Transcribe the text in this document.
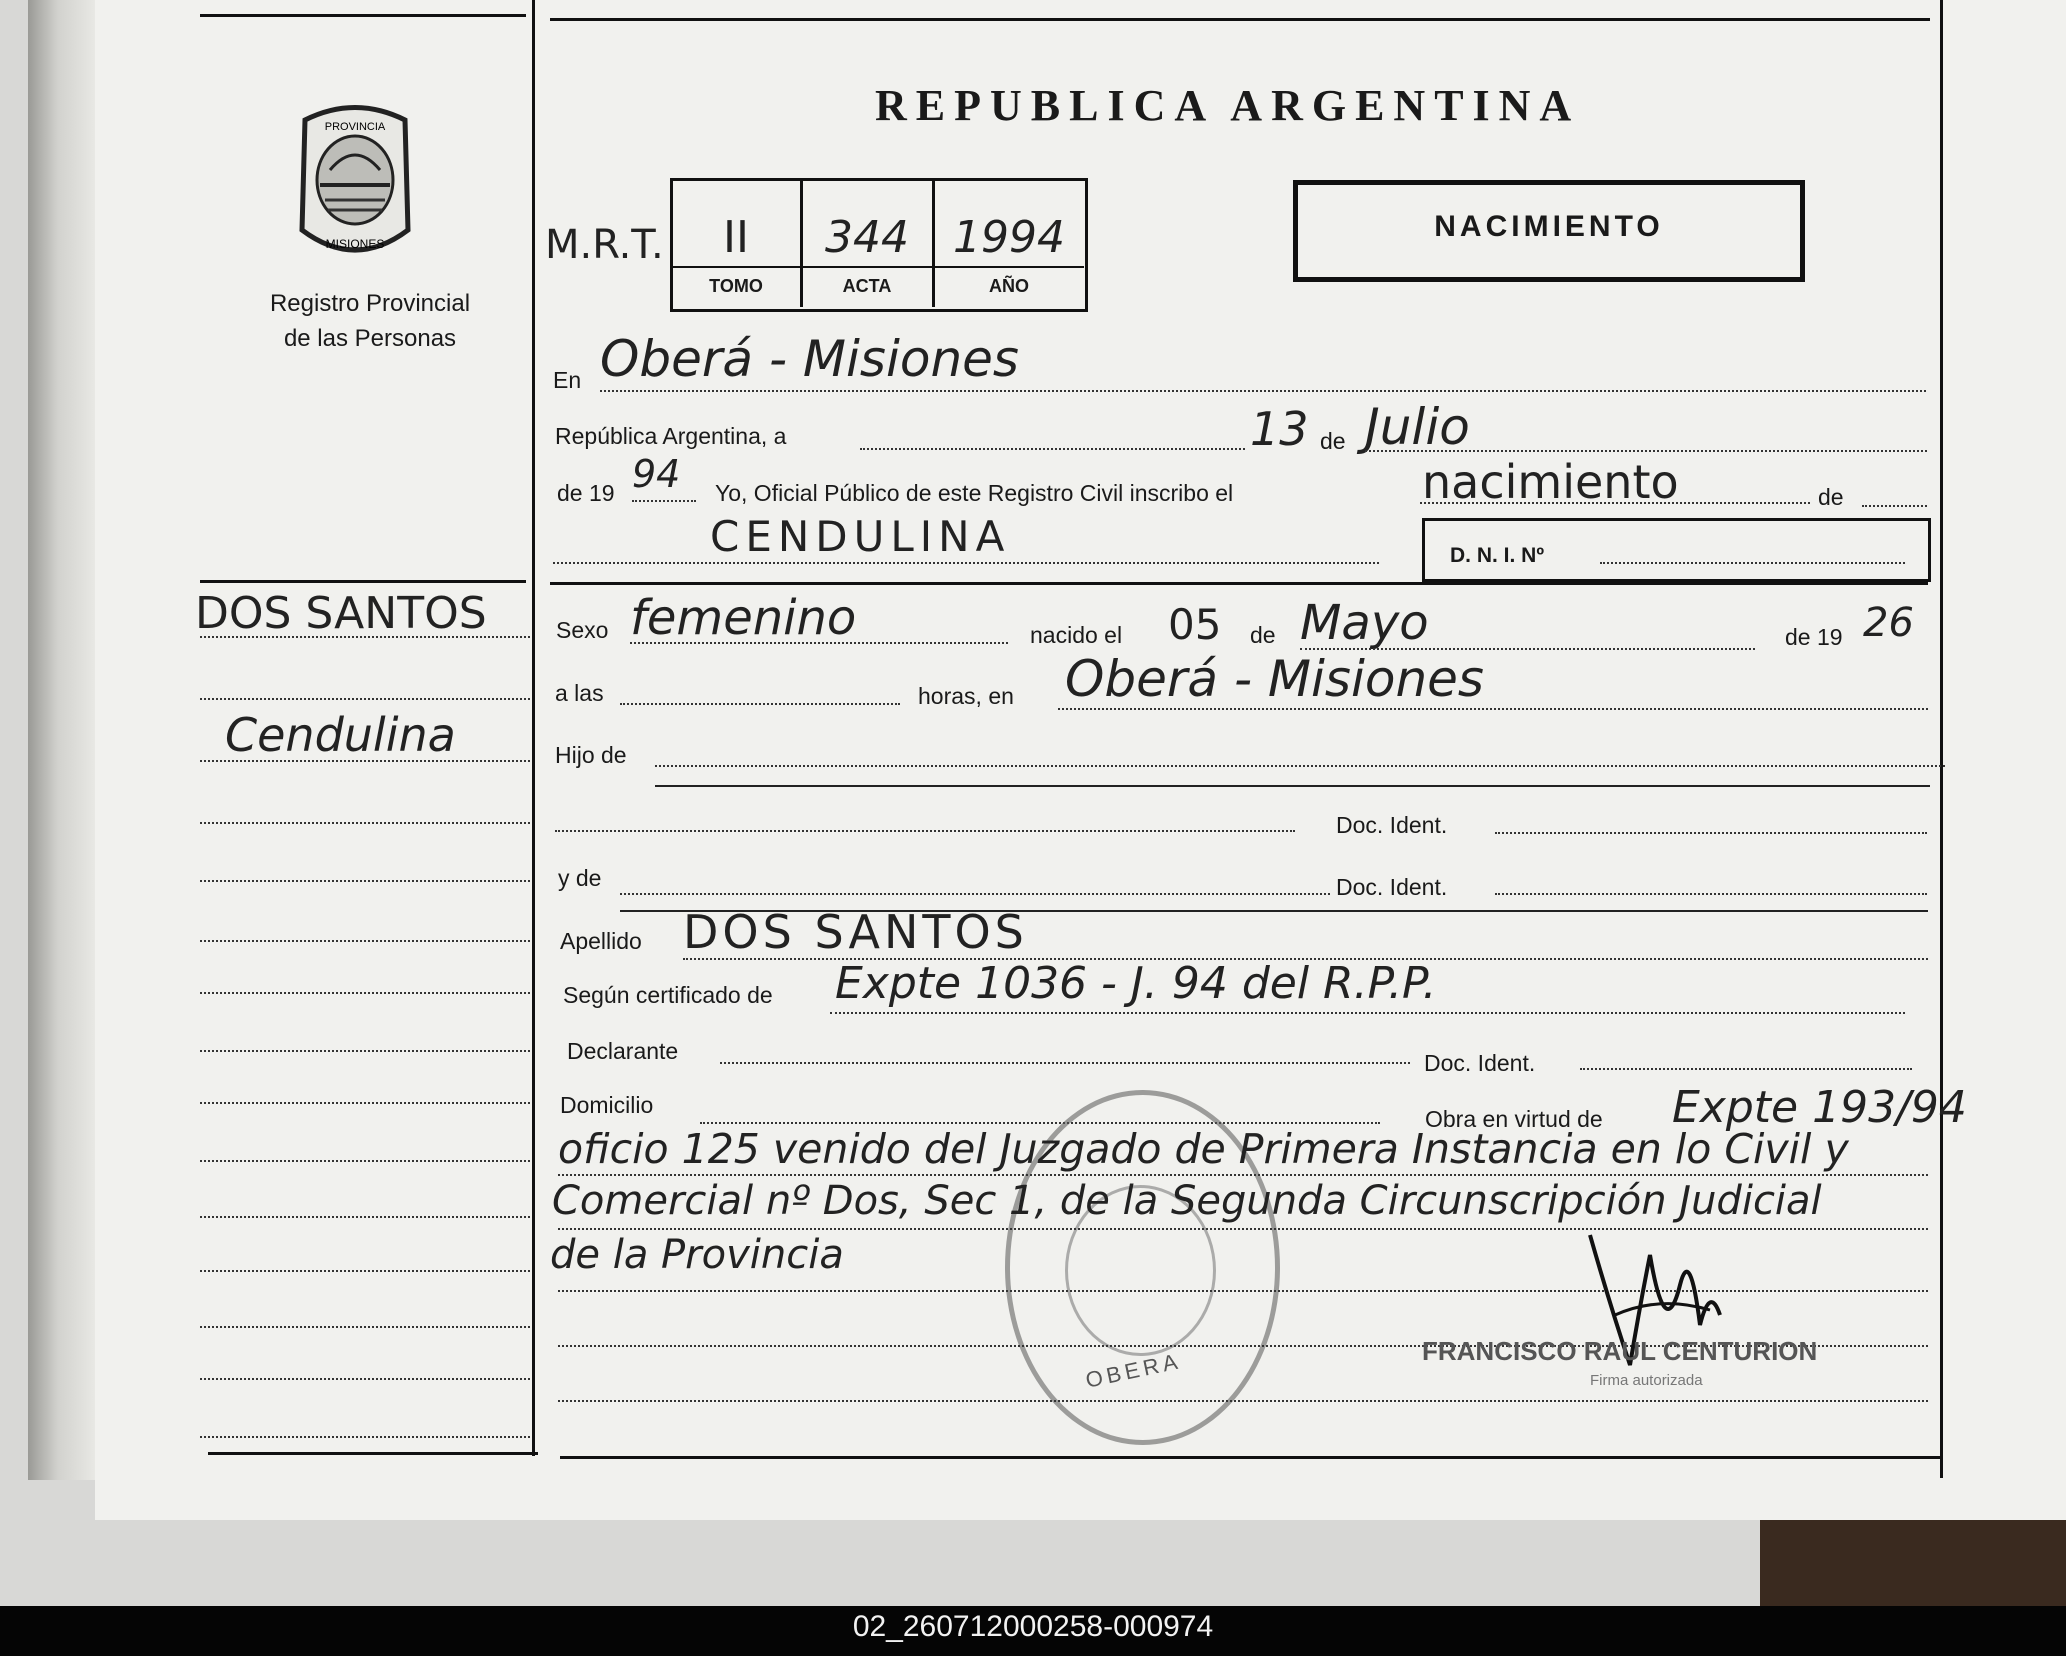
02_260712000258-000974
PROVINCIA
MISIONES
Registro Provincial
de las Personas
REPUBLICA ARGENTINA
NACIMIENTO
M.R.T.	II	344	1994
TOMO	ACTA	AÑO
En Oberá - Misiones
República Argentina, a	13 de Julio
de 19 94 Yo, Oficial Público de este Registro Civil inscribo el	nacimiento	de
CENDULINA	D. N. I. Nº
DOS SANTOS
Cendulina
Sexo femenino	nacido el 05 de Mayo	de 19 26
a las	horas, en Oberá - Misiones
Hijo de
Doc. Ident.
y de	Doc. Ident.
Apellido DOS SANTOS
Según certificado de Expte 1036 - J. 94 del R.P.P.
Declarante	Doc. Ident.
Domicilio
Obra en virtud de Expte 193/94
OBERA
oficio 125 venido del Juzgado de Primera Instancia en lo Civil y
Comercial nº Dos, Sec 1, de la Segunda Circunscripción Judicial
de la Provincia
FRANCISCO RAUL CENTURION
Firma autorizada
